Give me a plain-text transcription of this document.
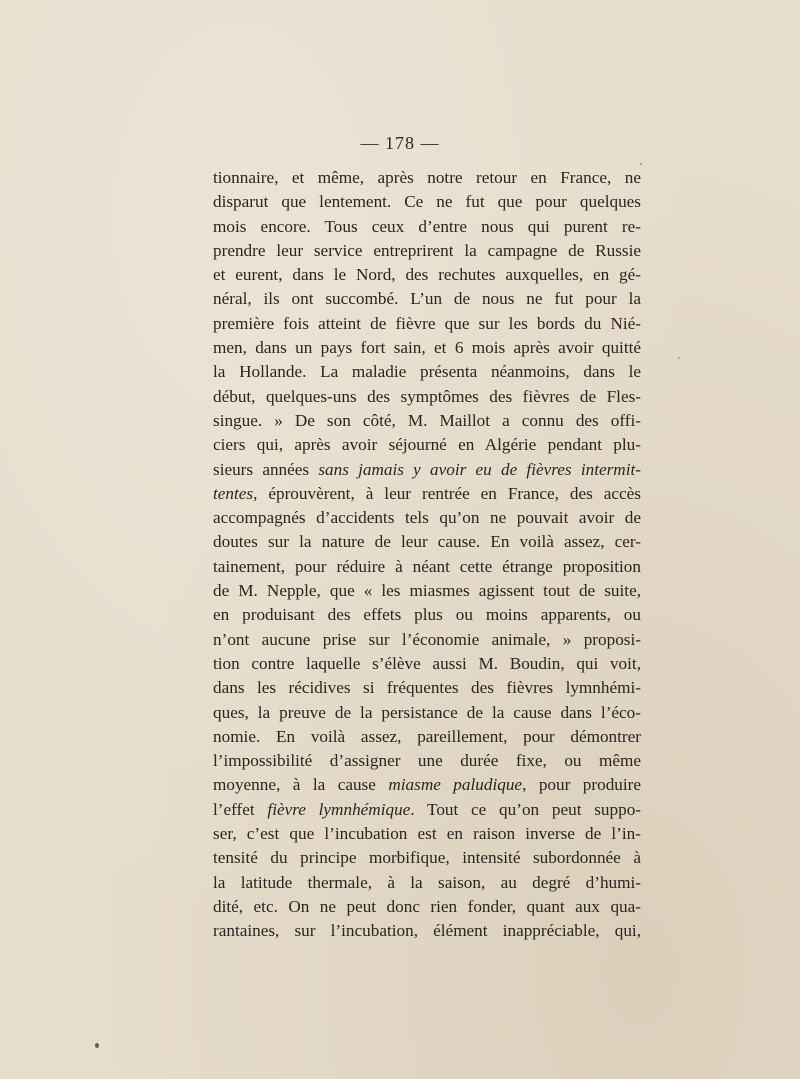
— 178 —
tionnaire, et même, après notre retour en France, ne
disparut que lentement. Ce ne fut que pour quelques
mois encore. Tous ceux d’entre nous qui purent re-
prendre leur service entreprirent la campagne de Russie
et eurent, dans le Nord, des rechutes auxquelles, en gé-
néral, ils ont succombé. L’un de nous ne fut pour la
première fois atteint de fièvre que sur les bords du Nié-
men, dans un pays fort sain, et 6 mois après avoir quitté
la Hollande. La maladie présenta néanmoins, dans le
début, quelques-uns des symptômes des fièvres de Fles-
singue. » De son côté, M. Maillot a connu des offi-
ciers qui, après avoir séjourné en Algérie pendant plu-
sieurs années sans jamais y avoir eu de fièvres intermit-
tentes, éprouvèrent, à leur rentrée en France, des accès
accompagnés d’accidents tels qu’on ne pouvait avoir de
doutes sur la nature de leur cause. En voilà assez, cer-
tainement, pour réduire à néant cette étrange proposition
de M. Nepple, que « les miasmes agissent tout de suite,
en produisant des effets plus ou moins apparents, ou
n’ont aucune prise sur l’économie animale, » proposi-
tion contre laquelle s’élève aussi M. Boudin, qui voit,
dans les récidives si fréquentes des fièvres lymnhémi-
ques, la preuve de la persistance de la cause dans l’éco-
nomie. En voilà assez, pareillement, pour démontrer
l’impossibilité d’assigner une durée fixe, ou même
moyenne, à la cause miasme paludique, pour produire
l’effet fièvre lymnhémique. Tout ce qu’on peut suppo-
ser, c’est que l’incubation est en raison inverse de l’in-
tensité du principe morbifique, intensité subordonnée à
la latitude thermale, à la saison, au degré d’humi-
dité, etc. On ne peut donc rien fonder, quant aux qua-
rantaines, sur l’incubation, élément inappréciable, qui,
